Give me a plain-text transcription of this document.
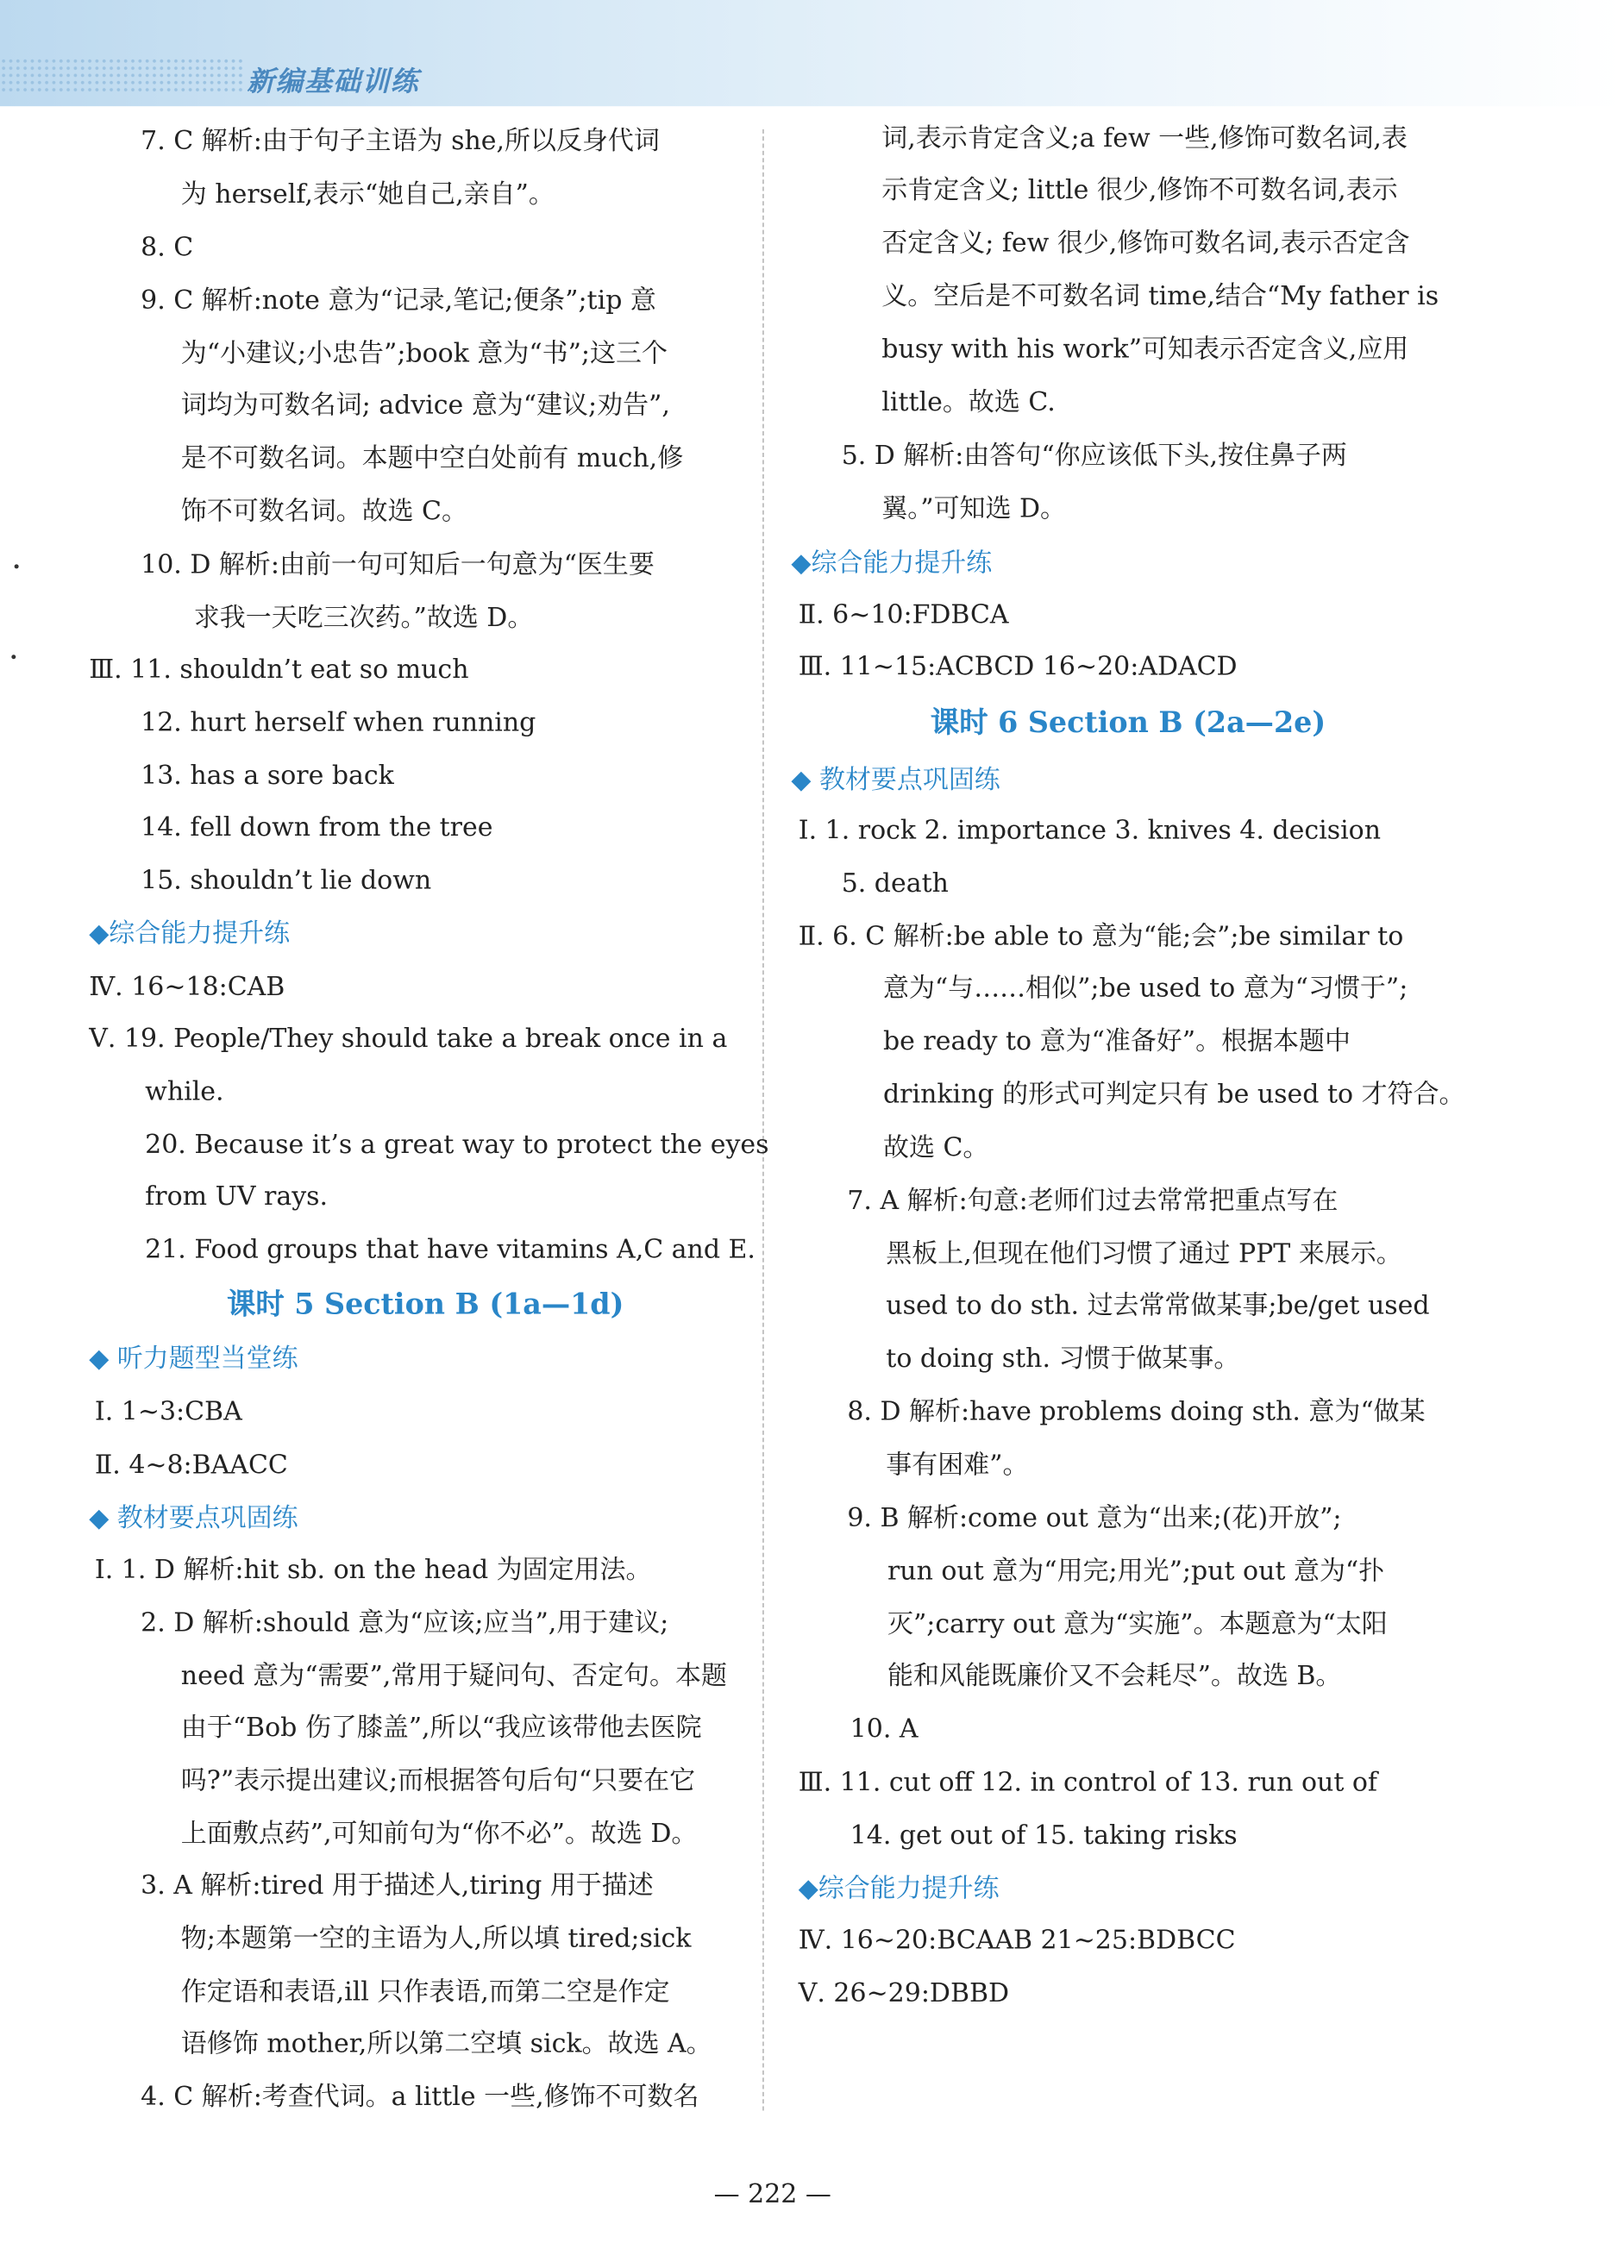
新编基础训练
7. C 解析:由于句子主语为 she,所以反身代词
为 herself,表示“她自己,亲自”。
8. C
9. C 解析:note 意为“记录,笔记;便条”;tip 意
为“小建议;小忠告”;book 意为“书”;这三个
词均为可数名词; advice 意为“建议;劝告”,
是不可数名词。本题中空白处前有 much,修
饰不可数名词。故选 C。
10. D 解析:由前一句可知后一句意为“医生要
求我一天吃三次药。”故选 D。
Ⅲ. 11. shouldn’t eat so much
12. hurt herself when running
13. has a sore back
14. fell down from the tree
15. shouldn’t lie down
◆综合能力提升练
Ⅳ. 16~18:CAB
Ⅴ. 19. People/They should take a break once in a
while.
20. Because it’s a great way to protect the eyes
from UV rays.
21. Food groups that have vitamins A,C and E.
课时 5 Section B (1a—1d)
◆ 听力题型当堂练
Ⅰ. 1~3:CBA
Ⅱ. 4~8:BAACC
◆ 教材要点巩固练
Ⅰ. 1. D 解析:hit sb. on the head 为固定用法。
2. D 解析:should 意为“应该;应当”,用于建议;
need 意为“需要”,常用于疑问句、否定句。本题
由于“Bob 伤了膝盖”,所以“我应该带他去医院
吗?”表示提出建议;而根据答句后句“只要在它
上面敷点药”,可知前句为“你不必”。故选 D。
3. A 解析:tired 用于描述人,tiring 用于描述
物;本题第一空的主语为人,所以填 tired;sick
作定语和表语,ill 只作表语,而第二空是作定
语修饰 mother,所以第二空填 sick。故选 A。
4. C 解析:考查代词。a little 一些,修饰不可数名
词,表示肯定含义;a few 一些,修饰可数名词,表
示肯定含义; little 很少,修饰不可数名词,表示
否定含义; few 很少,修饰可数名词,表示否定含
义。空后是不可数名词 time,结合“My father is
busy with his work”可知表示否定含义,应用
little。故选 C.
5. D 解析:由答句“你应该低下头,按住鼻子两
翼。”可知选 D。
◆综合能力提升练
Ⅱ. 6~10:FDBCA
Ⅲ. 11~15:ACBCD 16~20:ADACD
课时 6 Section B (2a—2e)
◆ 教材要点巩固练
Ⅰ. 1. rock 2. importance 3. knives 4. decision
5. death
Ⅱ. 6. C 解析:be able to 意为“能;会”;be similar to
意为“与……相似”;be used to 意为“习惯于”;
be ready to 意为“准备好”。根据本题中
drinking 的形式可判定只有 be used to 才符合。
故选 C。
7. A 解析:句意:老师们过去常常把重点写在
黑板上,但现在他们习惯了通过 PPT 来展示。
used to do sth. 过去常常做某事;be/get used
to doing sth. 习惯于做某事。
8. D 解析:have problems doing sth. 意为“做某
事有困难”。
9. B 解析:come out 意为“出来;(花)开放”;
run out 意为“用完;用光”;put out 意为“扑
灭”;carry out 意为“实施”。本题意为“太阳
能和风能既廉价又不会耗尽”。故选 B。
10. A
Ⅲ. 11. cut off 12. in control of 13. run out of
14. get out of 15. taking risks
◆综合能力提升练
Ⅳ. 16~20:BCAAB 21~25:BDBCC
Ⅴ. 26~29:DBBD
— 222 —
